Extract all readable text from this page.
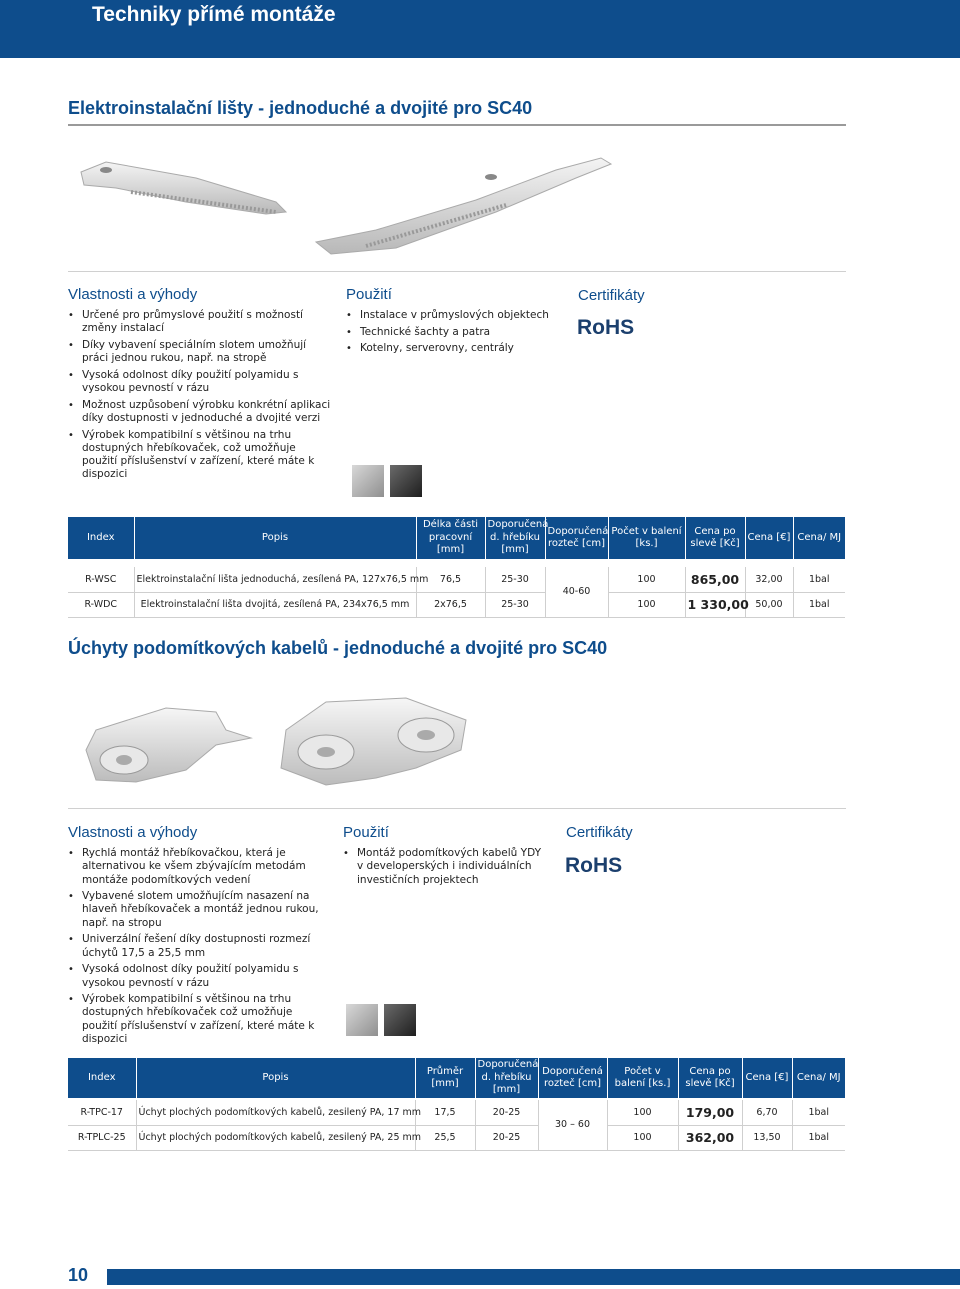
Techniky přímé montáže
Elektroinstalační lišty - jednoduché a dvojité pro SC40
Vlastnosti a výhody
• Určené pro průmyslové použití s možností změny instalací
• Díky vybavení speciálním slotem umožňují práci jednou rukou, např. na stropě
• Vysoká odolnost díky použití polyamidu s vysokou pevností v rázu
• Možnost uzpůsobení výrobku konkrétní aplikaci díky dostupnosti v jednoduché a dvojité verzi
• Výrobek kompatibilní s většinou na trhu dostupných hřebíkovaček, což umožňuje použití příslušenství v zařízení, které máte k dispozici
Použití
• Instalace v průmyslových objektech
• Technické šachty a patra
• Kotelny, serverovny, centrály
Certifikáty
RoHS
Index	Popis	Délka části pracovní [mm]	Doporučená d. hřebíku [mm]	Doporučená rozteč [cm]	Počet v balení [ks.]	Cena po slevě [Kč]	Cena [€]	Cena/ MJ

R-WSC	Elektroinstalační lišta jednoduchá, zesílená PA, 127x76,5 mm	76,5	25-30	40-60	100	865,00	32,00	1bal
R-WDC	Elektroinstalační lišta dvojitá, zesílená PA, 234x76,5 mm	2x76,5	25-30		100	1 330,00	50,00	1bal
Úchyty podomítkových kabelů - jednoduché a dvojité pro SC40
Vlastnosti a výhody
• Rychlá montáž hřebíkovačkou, která je alternativou ke všem zbývajícím metodám montáže podomítkových vedení
• Vybavené slotem umožňujícím nasazení na hlaveň hřebíkovaček a montáž jednou rukou, např. na stropu
• Univerzální řešení díky dostupnosti rozmezí úchytů 17,5 a 25,5 mm
• Vysoká odolnost díky použití polyamidu s vysokou pevností v rázu
• Výrobek kompatibilní s většinou na trhu dostupných hřebíkovaček což umožňuje použití příslušenství v zařízení, které máte k dispozici
Použití
• Montáž podomítkových kabelů YDY v developerských i individuálních investičních projektech
Certifikáty
RoHS
Index	Popis	Průměr [mm]	Doporučená d. hřebíku [mm]	Doporučená rozteč [cm]	Počet v balení [ks.]	Cena po slevě [Kč]	Cena [€]	Cena/ MJ

R-TPC-17	Úchyt plochých podomítkových kabelů, zesilený PA, 17 mm	17,5	20-25	30 – 60	100	179,00	6,70	1bal
R-TPLC-25	Úchyt plochých podomítkových kabelů, zesilený PA, 25 mm	25,5	20-25		100	362,00	13,50	1bal
10
